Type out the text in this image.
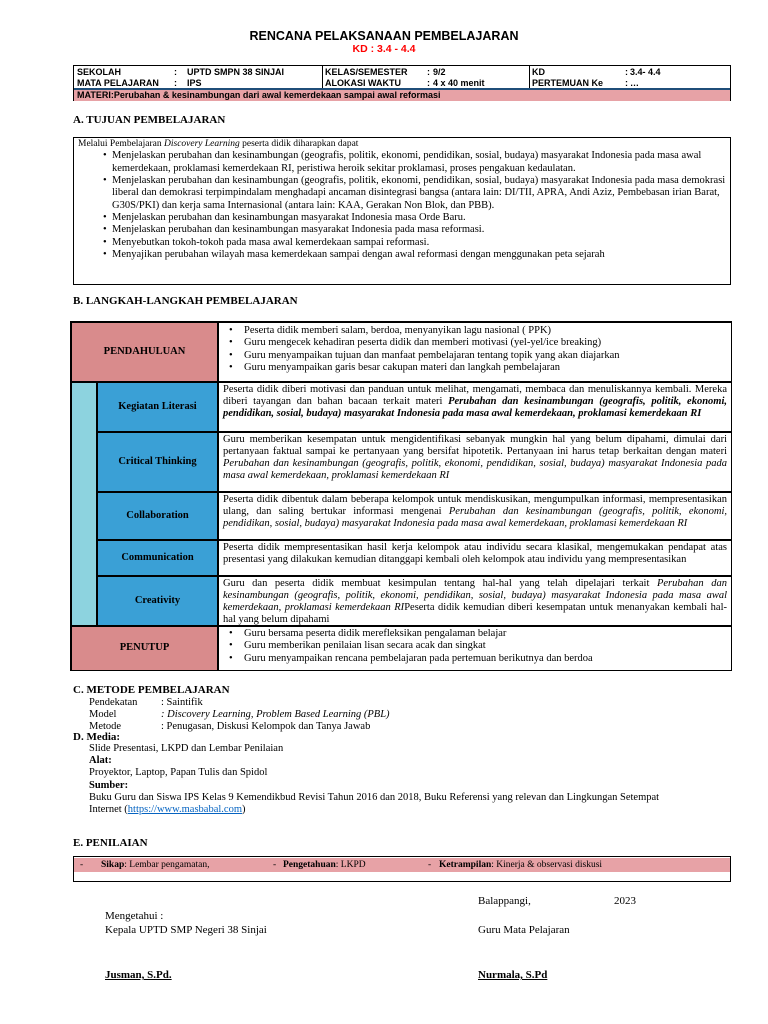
RENCANA PELAKSANAAN PEMBELAJARAN
KD : 3.4 - 4.4
SEKOLAH	:	UPTD SMPN 38 SINJAI	KELAS/SEMESTER	: 9/2	KD	: 3.4- 4.4
MATA PELAJARAN	:	IPS	ALOKASI WAKTU	: 4 x 40 menit	PERTEMUAN Ke	: …
MATERI:Perubahan & kesinambungan dari awal kemerdekaan sampai awal reformasi
A. TUJUAN PEMBELAJARAN
Melalui Pembelajaran Discovery Learning peserta didik diharapkan dapat
• Menjelaskan perubahan dan kesinambungan (geografis, politik, ekonomi, pendidikan, sosial, budaya) masyarakat Indonesia pada masa awal kemerdekaan, proklamasi kemerdekaan RI, peristiwa heroik sekitar proklamasi, proses pengakuan kedaulatan.
• Menjelaskan perubahan dan kesinambungan (geografis, politik, ekonomi, pendidikan, sosial, budaya) masyarakat Indonesia pada masa demokrasi liberal dan demokrasi terpimpindalam menghadapi ancaman disintegrasi bangsa (antara lain: DI/TII, APRA, Andi Aziz, Pembebasan irian Barat, G30S/PKI) dan kerja sama Internasional (antara lain: KAA, Gerakan Non Blok, dan PBB).
• Menjelaskan perubahan dan kesinambungan masyarakat Indonesia masa Orde Baru.
• Menjelaskan perubahan dan kesinambungan masyarakat Indonesia pada masa reformasi.
• Menyebutkan tokoh-tokoh pada masa awal kemerdekaan sampai reformasi.
• Menyajikan perubahan wilayah masa kemerdekaan sampai dengan awal reformasi dengan menggunakan peta sejarah
B. LANGKAH-LANGKAH PEMBELAJARAN
PENDAHULUAN
• Peserta didik memberi salam, berdoa, menyanyikan lagu nasional ( PPK)
• Guru mengecek kehadiran peserta didik dan memberi motivasi (yel-yel/ice breaking)
• Guru menyampaikan tujuan dan manfaat pembelajaran tentang topik yang akan diajarkan
• Guru menyampaikan garis besar cakupan materi dan langkah pembelajaran
Kegiatan Literasi
Peserta didik diberi motivasi dan panduan untuk melihat, mengamati, membaca dan menuliskannya kembali. Mereka diberi tayangan dan bahan bacaan terkait materi Perubahan dan kesinambungan (geografis, politik, ekonomi, pendidikan, sosial, budaya) masyarakat Indonesia pada masa awal kemerdekaan, proklamasi kemerdekaan RI
Critical Thinking
Guru memberikan kesempatan untuk mengidentifikasi sebanyak mungkin hal yang belum dipahami, dimulai dari pertanyaan faktual sampai ke pertanyaan yang bersifat hipotetik. Pertanyaan ini harus tetap berkaitan dengan materi Perubahan dan kesinambungan (geografis, politik, ekonomi, pendidikan, sosial, budaya) masyarakat Indonesia pada masa awal kemerdekaan, proklamasi kemerdekaan RI
Collaboration
Peserta didik dibentuk dalam beberapa kelompok untuk mendiskusikan, mengumpulkan informasi, mempresentasikan ulang, dan saling bertukar informasi mengenai Perubahan dan kesinambungan (geografis, politik, ekonomi, pendidikan, sosial, budaya) masyarakat Indonesia pada masa awal kemerdekaan, proklamasi kemerdekaan RI
Communication
Peserta didik mempresentasikan hasil kerja kelompok atau individu secara klasikal, mengemukakan pendapat atas presentasi yang dilakukan kemudian ditanggapi kembali oleh kelompok atau individu yang mempresentasikan
Creativity
Guru dan peserta didik membuat kesimpulan tentang hal-hal yang telah dipelajari terkait Perubahan dan kesinambungan (geografis, politik, ekonomi, pendidikan, sosial, budaya) masyarakat Indonesia pada masa awal kemerdekaan, proklamasi kemerdekaan RIPeserta didik kemudian diberi kesempatan untuk menanyakan kembali hal-hal yang belum dipahami
PENUTUP
• Guru bersama peserta didik merefleksikan pengalaman belajar
• Guru memberikan penilaian lisan secara acak dan singkat
• Guru menyampaikan rencana pembelajaran pada pertemuan berikutnya dan berdoa
C. METODE PEMBELAJARAN
Pendekatan : Saintifik
Model	: Discovery Learning, Problem Based Learning (PBL)
Metode	: Penugasan, Diskusi Kelompok dan Tanya Jawab
D. Media:
Slide Presentasi, LKPD dan Lembar Penilaian
Alat:
Proyektor, Laptop, Papan Tulis dan Spidol
Sumber:
Buku Guru dan Siswa IPS Kelas 9 Kemendikbud Revisi Tahun 2016 dan 2018, Buku Referensi yang relevan dan Lingkungan Setempat
Internet (https://www.masbabal.com)
E. PENILAIAN
- Sikap : Lembar pengamatan,	- Pengetahuan : LKPD	- Ketrampilan : Kinerja & observasi diskusi
Balappangi,	2023
Mengetahui :
Kepala UPTD SMP Negeri 38 Sinjai	Guru Mata Pelajaran
Jusman, S.Pd.	Nurmala, S.Pd
